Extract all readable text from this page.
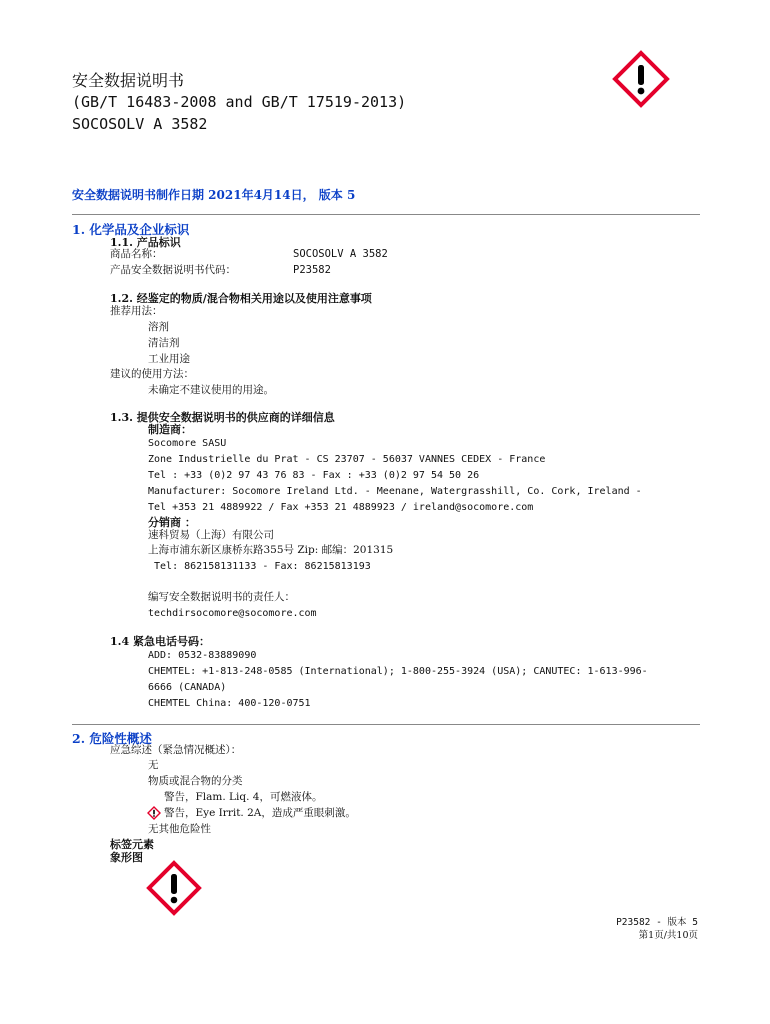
安全数据说明书
(GB/T 16483-2008 and GB/T 17519-2013)
SOCOSOLV A 3582
安全数据说明书制作日期 2021年4月14日， 版本 5
1. 化学品及企业标识
1.1. 产品标识
商品名称：	SOCOSOLV A 3582
产品安全数据说明书代码：	P23582
1.2. 经鉴定的物质/混合物相关用途以及使用注意事项
推荐用法：
溶剂
清洁剂
工业用途
建议的使用方法：
未确定不建议使用的用途。
1.3. 提供安全数据说明书的供应商的详细信息
制造商：
Socomore SASU
Zone Industrielle du Prat - CS 23707 - 56037 VANNES CEDEX - France
Tel : +33 (0)2 97 43 76 83 - Fax : +33 (0)2 97 54 50 26
Manufacturer: Socomore Ireland Ltd. - Meenane, Watergrasshill, Co. Cork, Ireland -
Tel +353 21 4889922 / Fax +353 21 4889923 / ireland@socomore.com
分销商 ：
速科贸易（上海）有限公司
上海市浦东新区康桥东路355号 Zip: 邮编：201315
Tel: 862158131133 - Fax: 86215813193
编写安全数据说明书的责任人：
techdirsocomore@socomore.com
1.4 紧急电话号码：
ADD: 0532-83889090
CHEMTEL: +1-813-248-0585 (International); 1-800-255-3924 (USA); CANUTEC: 1-613-996-
6666 (CANADA)
CHEMTEL China: 400-120-0751
2. 危险性概述
应急综述（紧急情况概述）：
无
物质或混合物的分类
警告，Flam. Liq. 4，可燃液体。
警告，Eye Irrit. 2A，造成严重眼刺激。
无其他危险性
标签元素
象形图
P23582 - 版本 5
第1页/共10页
